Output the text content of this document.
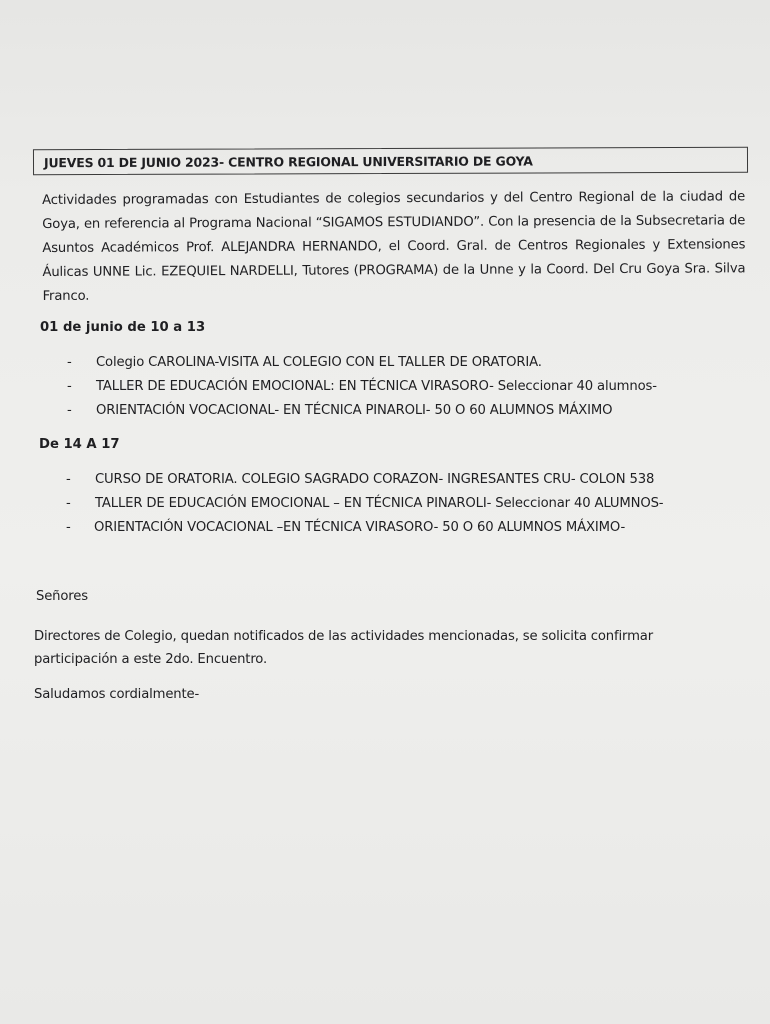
JUEVES 01 DE JUNIO 2023- CENTRO REGIONAL UNIVERSITARIO DE GOYA

Actividades programadas con Estudiantes de colegios secundarios y del Centro Regional de la ciudad de Goya, en referencia al Programa Nacional “SIGAMOS ESTUDIANDO”. Con la presencia de la Subsecretaria de Asuntos Académicos Prof. ALEJANDRA HERNANDO, el Coord. Gral. de Centros Regionales y Extensiones Áulicas UNNE Lic. EZEQUIEL NARDELLI, Tutores (PROGRAMA) de la Unne y la Coord. Del Cru Goya Sra. Silva Franco.

01 de junio de 10 a 13
- Colegio CAROLINA-VISITA AL COLEGIO CON EL TALLER DE ORATORIA.
- TALLER DE EDUCACIÓN EMOCIONAL: EN TÉCNICA VIRASORO- Seleccionar 40 alumnos-
- ORIENTACIÓN VOCACIONAL- EN TÉCNICA PINAROLI- 50 O 60 ALUMNOS MÁXIMO
De 14 A 17
- CURSO DE ORATORIA. COLEGIO SAGRADO CORAZON- INGRESANTES CRU- COLON 538
- TALLER DE EDUCACIÓN EMOCIONAL – EN TÉCNICA PINAROLI- Seleccionar 40 ALUMNOS-
- ORIENTACIÓN VOCACIONAL –EN TÉCNICA VIRASORO- 50 O 60 ALUMNOS MÁXIMO-
Señores

Directores de Colegio, quedan notificados de las actividades mencionadas, se solicita confirmar participación a este 2do. Encuentro.

Saludamos cordialmente-
